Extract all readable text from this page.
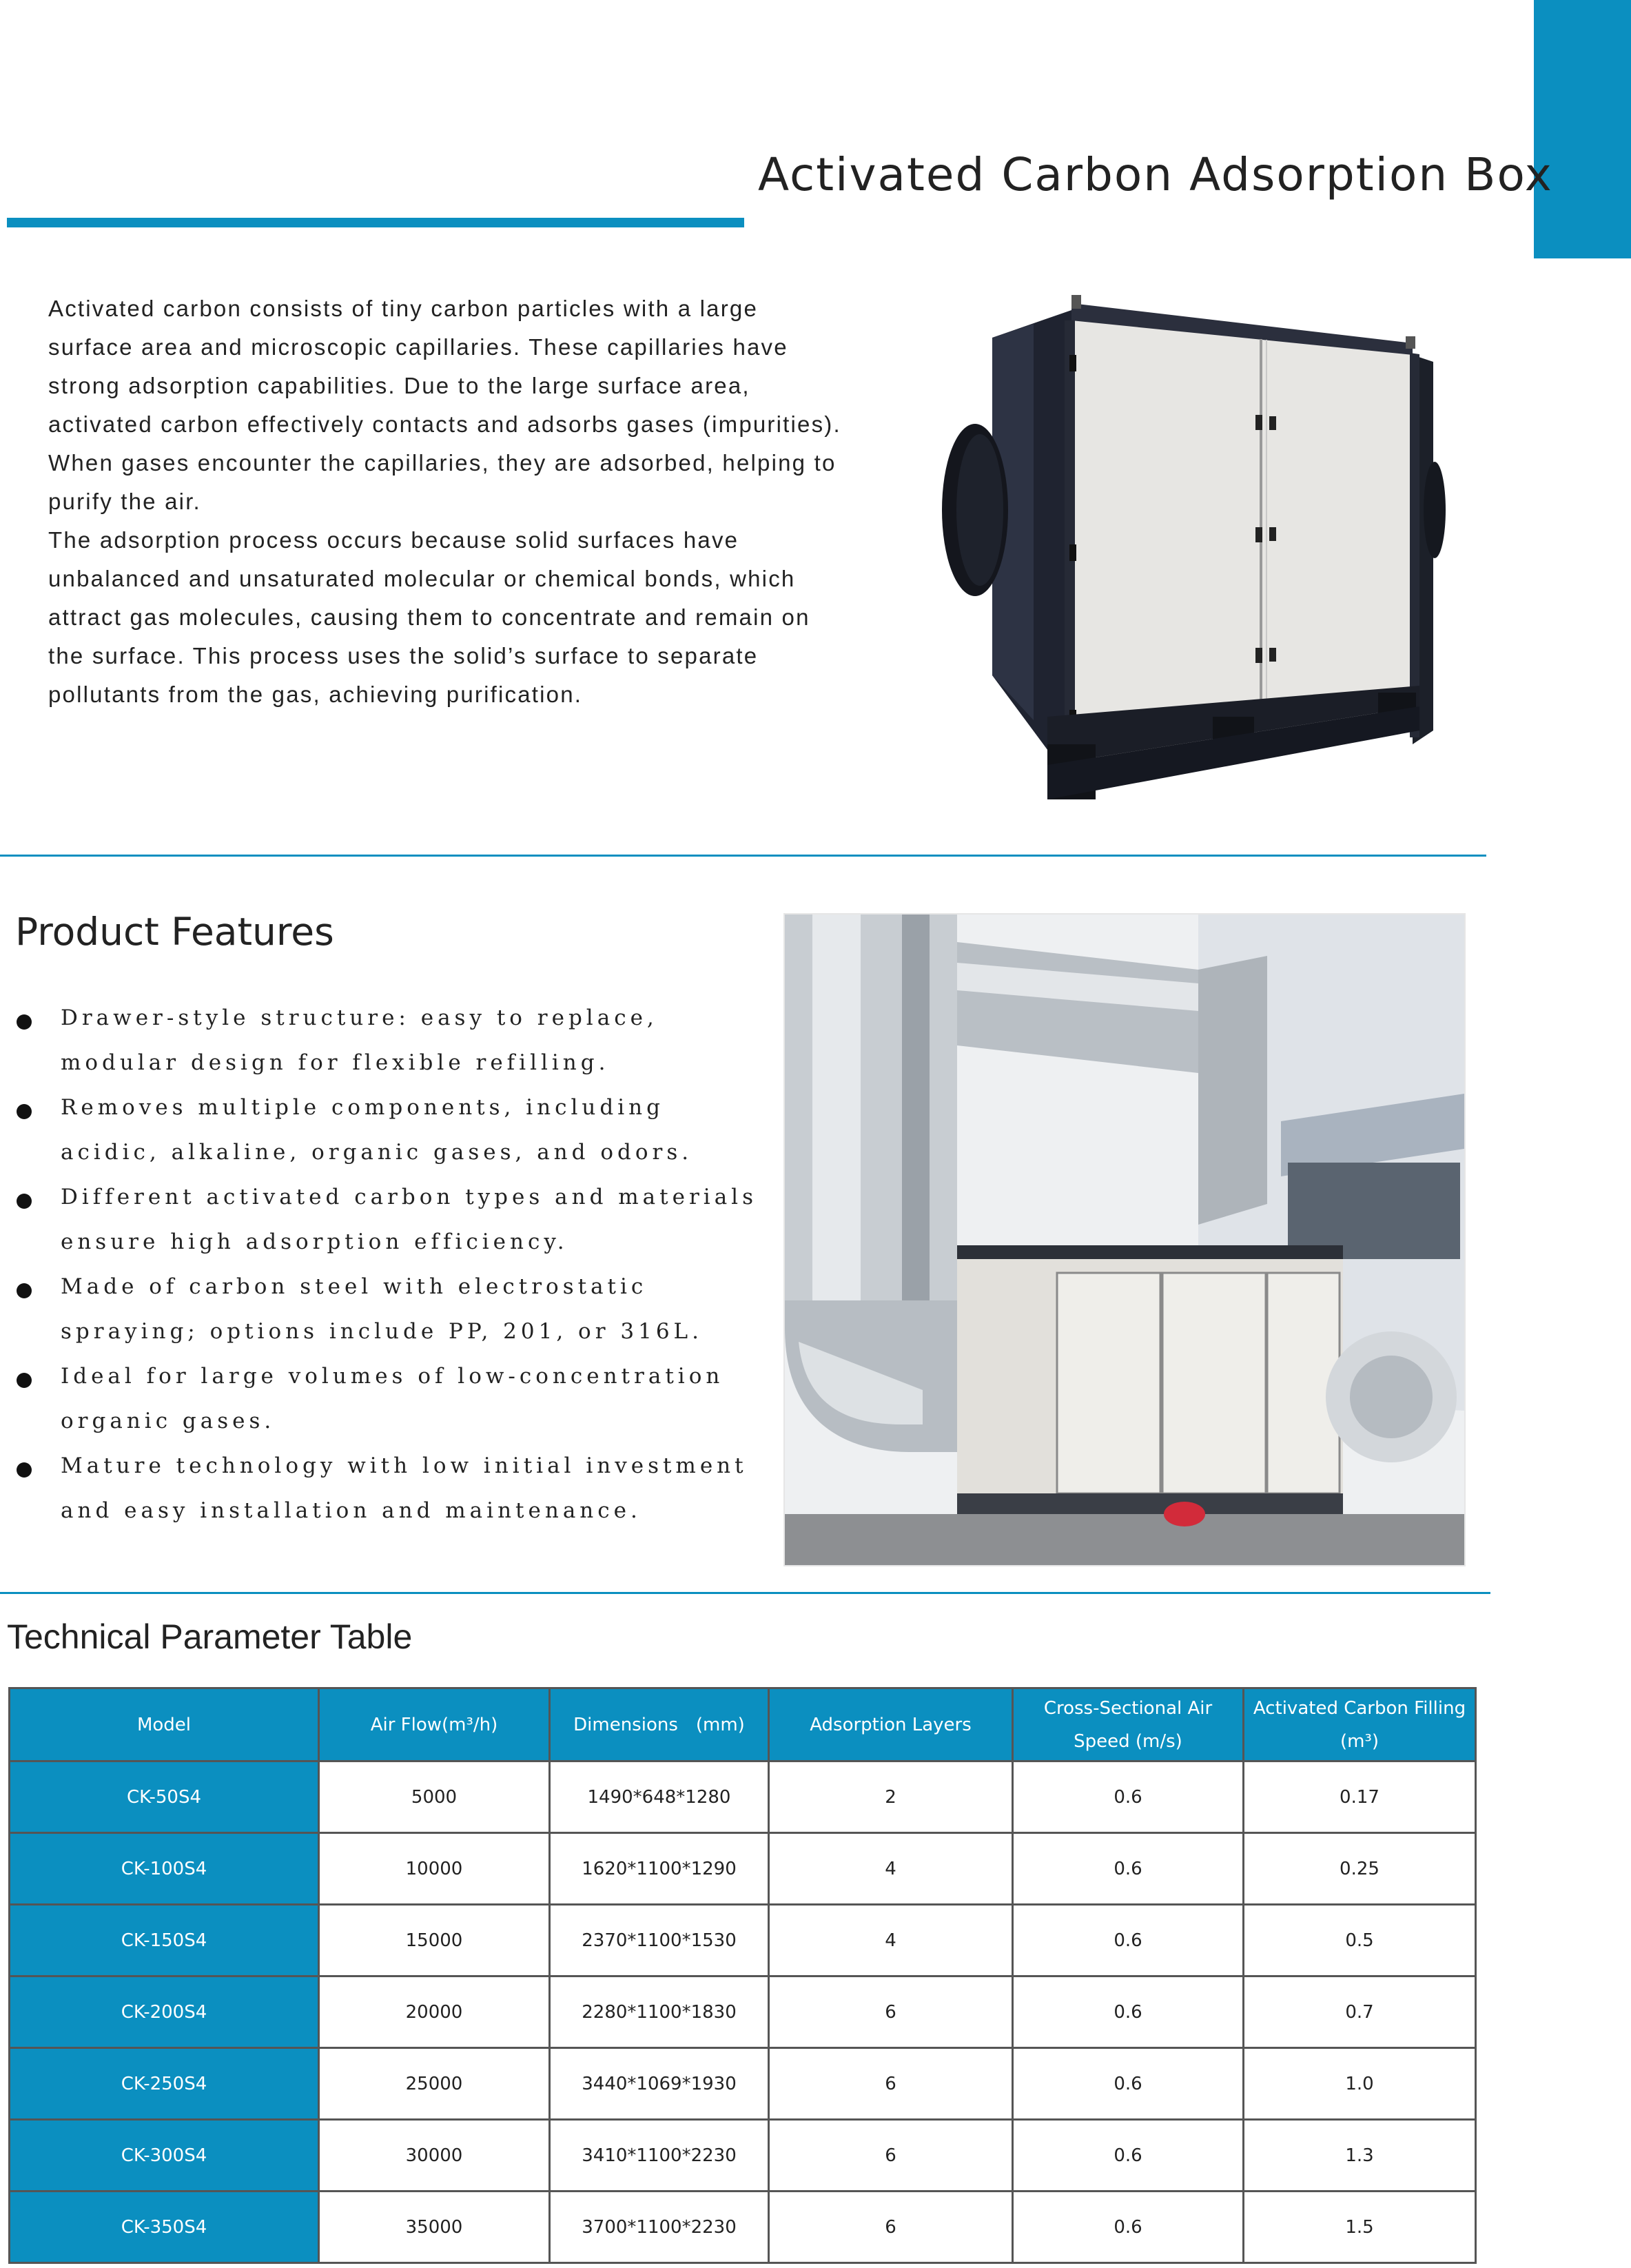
Activated Carbon Adsorption Box

Activated carbon consists of tiny carbon particles with a large surface area and microscopic capillaries. These capillaries have strong adsorption capabilities. Due to the large surface area, activated carbon effectively contacts and adsorbs gases (impurities). When gases encounter the capillaries, they are adsorbed, helping to purify the air.

The adsorption process occurs because solid surfaces have unbalanced and unsaturated molecular or chemical bonds, which attract gas molecules, causing them to concentrate and remain on the surface. This process uses the solid’s surface to separate pollutants from the gas, achieving purification.

Product Features
Drawer-style structure: easy to replace, modular design for flexible refilling.
Removes multiple components, including acidic, alkaline, organic gases, and odors.
Different activated carbon types and materials ensure high adsorption efficiency.
Made of carbon steel with electrostatic spraying; options include PP, 201, or 316L.
Ideal for large volumes of low-concentration organic gases.
Mature technology with low initial investment and easy installation and maintenance.
Technical Parameter Table
Model	Air Flow(m³/h)	Dimensions　(mm)	Adsorption Layers	Cross-Sectional Air Speed (m/s)	Activated Carbon Filling (m³)
CK-50S4	5000	1490*648*1280	2	0.6	0.17
CK-100S4	10000	1620*1100*1290	4	0.6	0.25
CK-150S4	15000	2370*1100*1530	4	0.6	0.5
CK-200S4	20000	2280*1100*1830	6	0.6	0.7
CK-250S4	25000	3440*1069*1930	6	0.6	1.0
CK-300S4	30000	3410*1100*2230	6	0.6	1.3
CK-350S4	35000	3700*1100*2230	6	0.6	1.5
